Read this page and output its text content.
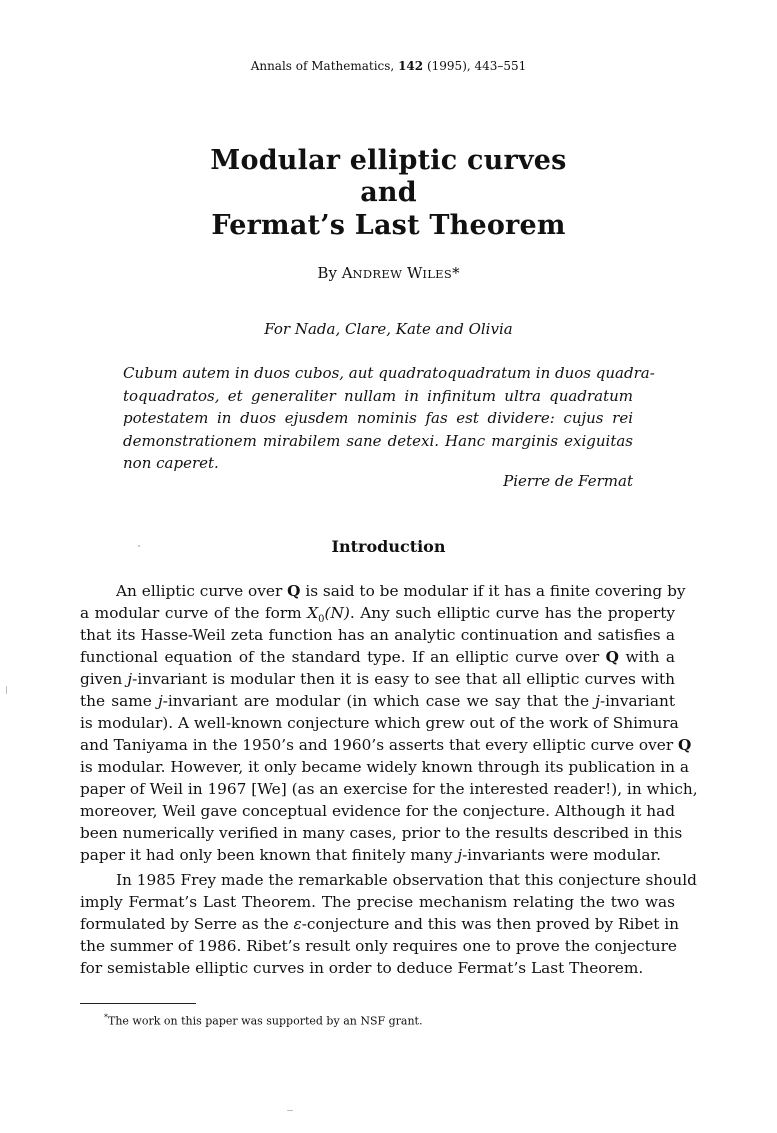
Annals of Mathematics, 142 (1995), 443–551
Modular elliptic curves
and
Fermat’s Last Theorem
By ANDREW WILES*
For Nada, Clare, Kate and Olivia
Cubum autem in duos cubos, aut quadratoquadratum in duos quadra-
toquadratos, et generaliter nullam in infinitum ultra quadratum
potestatem in duos ejusdem nominis fas est dividere: cujus rei
demonstrationem mirabilem sane detexi. Hanc marginis exiguitas
non caperet.
Pierre de Fermat
Introduction
An elliptic curve over Q is said to be modular if it has a finite covering by
a modular curve of the form $X_0(N)$. Any such elliptic curve has the property
that its Hasse-Weil zeta function has an analytic continuation and satisfies a
functional equation of the standard type. If an elliptic curve over Q with a
given j-invariant is modular then it is easy to see that all elliptic curves with
the same j-invariant are modular (in which case we say that the j-invariant
is modular). A well-known conjecture which grew out of the work of Shimura
and Taniyama in the 1950’s and 1960’s asserts that every elliptic curve over Q
is modular. However, it only became widely known through its publication in a
paper of Weil in 1967 [We] (as an exercise for the interested reader!), in which,
moreover, Weil gave conceptual evidence for the conjecture. Although it had
been numerically verified in many cases, prior to the results described in this
paper it had only been known that finitely many j-invariants were modular.
In 1985 Frey made the remarkable observation that this conjecture should
imply Fermat’s Last Theorem. The precise mechanism relating the two was
formulated by Serre as the ε-conjecture and this was then proved by Ribet in
the summer of 1986. Ribet’s result only requires one to prove the conjecture
for semistable elliptic curves in order to deduce Fermat’s Last Theorem.
*The work on this paper was supported by an NSF grant.
